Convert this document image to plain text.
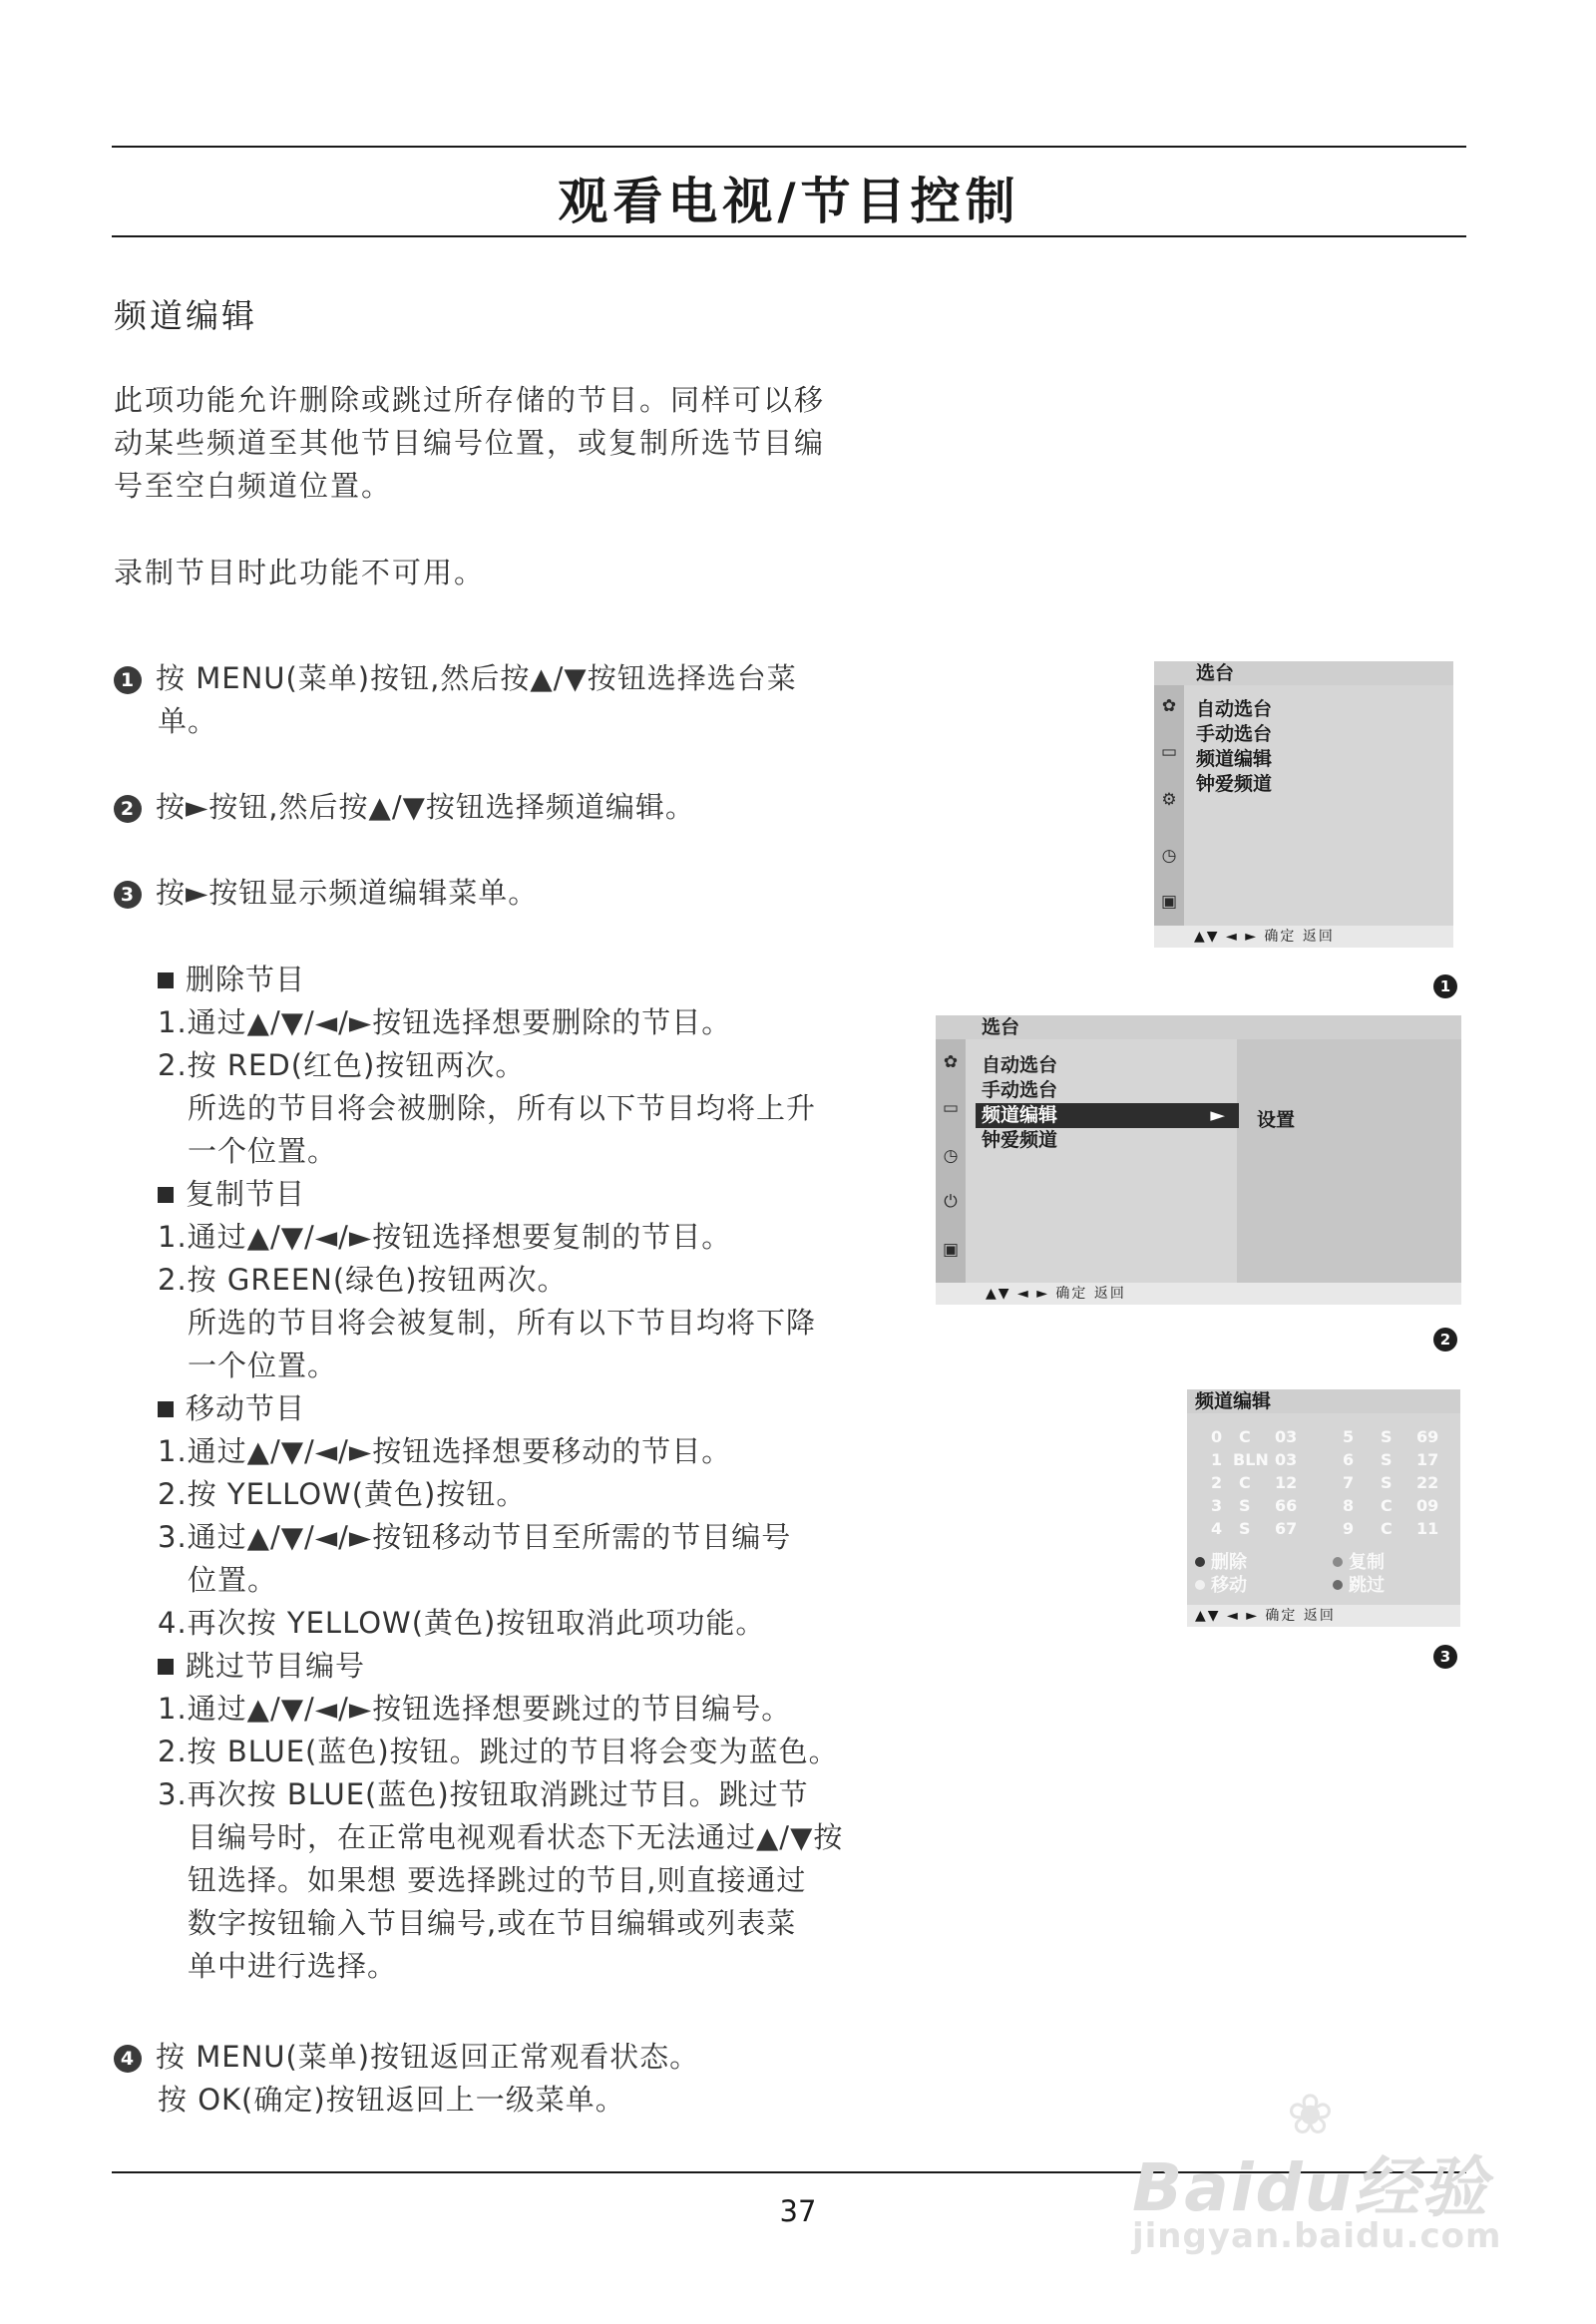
观看电视/节目控制
频道编辑
此项功能允许删除或跳过所存储的节目。同样可以移
动某些频道至其他节目编号位置，或复制所选节目编
号至空白频道位置。
录制节目时此功能不可用。
1 按 MENU(菜单)按钮,然后按▲/▼按钮选择选台菜
单。
2 按►按钮,然后按▲/▼按钮选择频道编辑。
3 按►按钮显示频道编辑菜单。
删除节目
1.通过▲/▼/◄/►按钮选择想要删除的节目。
2.按 RED(红色)按钮两次。
所选的节目将会被删除，所有以下节目均将上升
一个位置。
复制节目
1.通过▲/▼/◄/►按钮选择想要复制的节目。
2.按 GREEN(绿色)按钮两次。
所选的节目将会被复制，所有以下节目均将下降
一个位置。
移动节目
1.通过▲/▼/◄/►按钮选择想要移动的节目。
2.按 YELLOW(黄色)按钮。
3.通过▲/▼/◄/►按钮移动节目至所需的节目编号
位置。
4.再次按 YELLOW(黄色)按钮取消此项功能。
跳过节目编号
1.通过▲/▼/◄/►按钮选择想要跳过的节目编号。
2.按 BLUE(蓝色)按钮。跳过的节目将会变为蓝色。
3.再次按 BLUE(蓝色)按钮取消跳过节目。跳过节
目编号时，在正常电视观看状态下无法通过▲/▼按
钮选择。如果想 要选择跳过的节目,则直接通过
数字按钮输入节目编号,或在节目编辑或列表菜
单中进行选择。
4 按 MENU(菜单)按钮返回正常观看状态。
按 OK(确定)按钮返回上一级菜单。
选台
✿
▭
⚙
◷
▣
自动选台
手动选台
频道编辑
钟爱频道
▲▼ ◄ ► 确定 返回
1
选台
✿
▭
◷
⏻
▣
自动选台
手动选台
频道编辑	►
钟爱频道
设置
▲▼ ◄ ► 确定 返回
2
频道编辑
0 C 03	5 S 69
1 BLN 03	6 S 17
2 C 12	7 S 22
3 S 66	8 C 09
4 S 67	9 C 11
删除	复制
移动	跳过
▲▼ ◄ ► 确定 返回
3
37
❀
Baidu经验
jingyan.baidu.com
